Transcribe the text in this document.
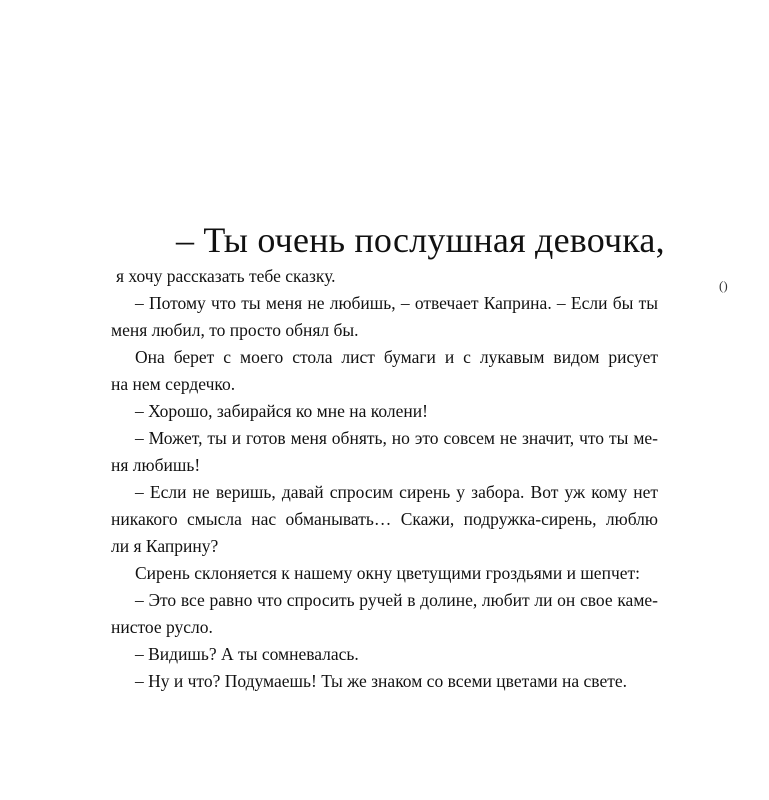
– Ты очень послушная девочка,
()

я хочу рассказать тебе сказку.

– Потому что ты меня не любишь, – отвечает Каприна. – Если бы ты
меня любил, то просто обнял бы.

Она берет с моего стола лист бумаги и с лукавым видом рисует
на нем сердечко.

– Хорошо, забирайся ко мне на колени!

– Может, ты и готов меня обнять, но это совсем не значит, что ты ме-
ня любишь!

– Если не веришь, давай спросим сирень у забора. Вот уж кому нет
никакого смысла нас обманывать… Скажи, подружка-сирень, люблю
ли я Каприну?

Сирень склоняется к нашему окну цветущими гроздьями и шепчет:

– Это все равно что спросить ручей в долине, любит ли он свое каме-
нистое русло.

– Видишь? А ты сомневалась.

– Ну и что? Подумаешь! Ты же знаком со всеми цветами на свете.
